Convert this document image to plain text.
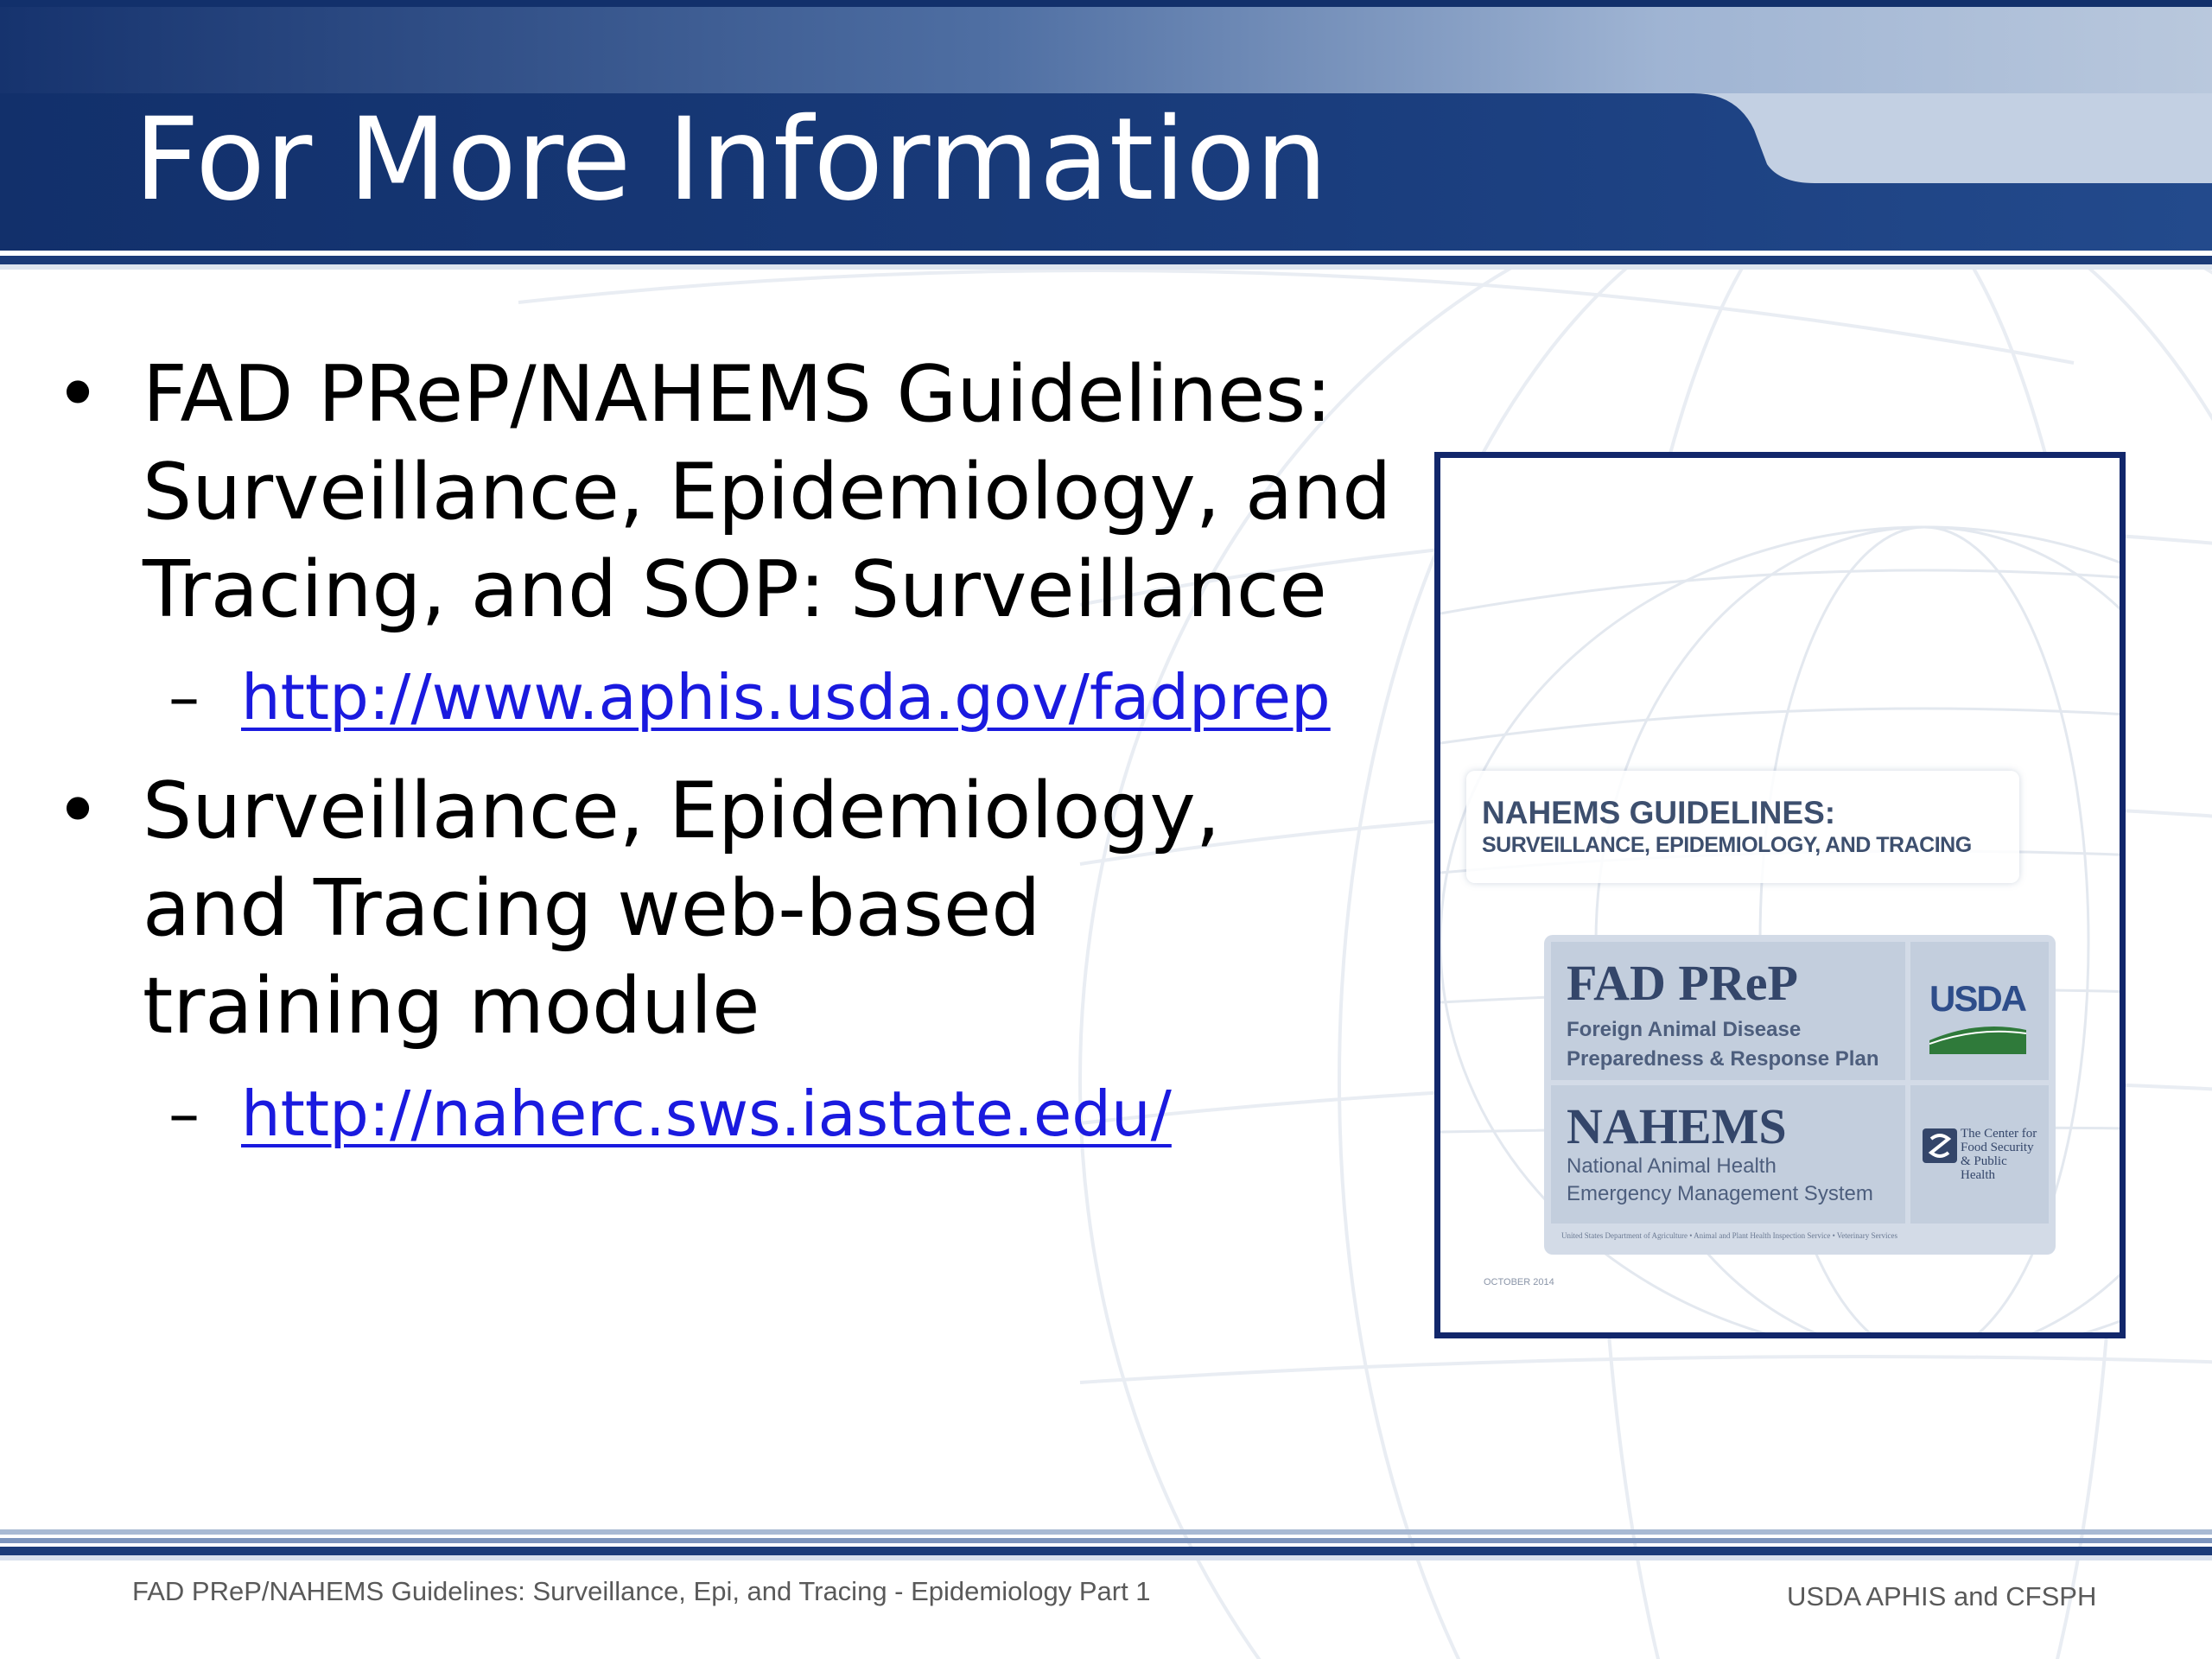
For More Information
• FAD PReP/NAHEMS Guidelines:
Surveillance, Epidemiology, and
Tracing, and SOP: Surveillance
– http://www.aphis.usda.gov/fadprep
• Surveillance, Epidemiology,
and Tracing web-based
training module
– http://naherc.sws.iastate.edu/

NAHEMS GUIDELINES:

SURVEILLANCE, EPIDEMIOLOGY, AND TRACING

FAD PReP

Foreign Animal Disease

Preparedness & Response Plan

USDA

NAHEMS

National Animal Health

Emergency Management System

The Center for
Food Security
& Public Health

United States Department of Agriculture • Animal and Plant Health Inspection Service • Veterinary Services

OCTOBER 2014

FAD PReP/NAHEMS Guidelines: Surveillance, Epi, and Tracing - Epidemiology Part 1	USDA APHIS and CFSPH
